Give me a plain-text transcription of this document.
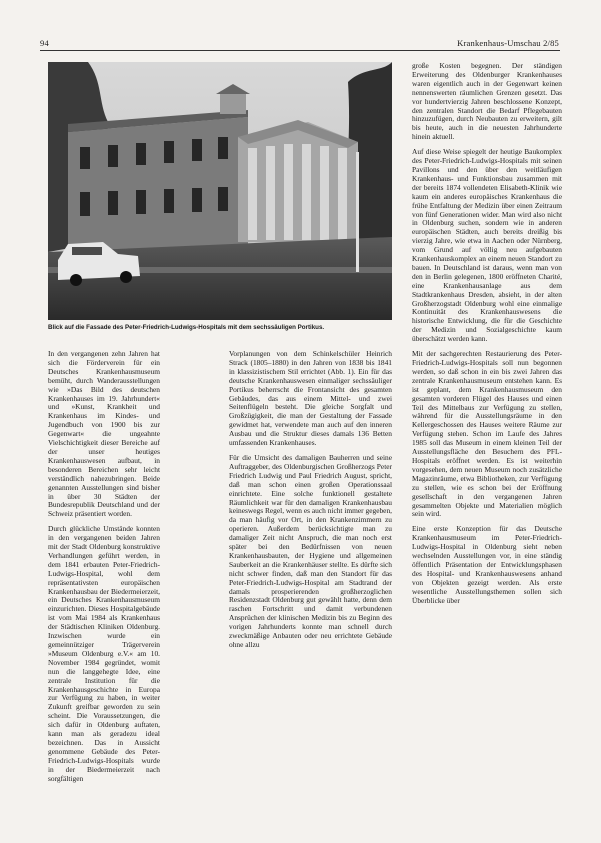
94	Krankenhaus-Umschau 2/85
Blick auf die Fassade des Peter-Friedrich-Ludwigs-Hospitals mit dem sechssäuligen Portikus.

In den vergangenen zehn Jahren hat sich die Förderverein für ein Deutsches Krankenhausmuseum bemüht, durch Wanderausstellungen wie »Das Bild des deutschen Krankenhauses im 19. Jahrhundert« und »Kunst, Krankheit und Krankenhaus im Kindes- und Jugendbuch von 1900 bis zur Gegenwart« die ungeahnte Vielschichtigkeit dieser Bereiche auf der unser heutiges Krankenhauswesen aufbaut, in besonderen Bereichen sehr leicht verständlich nahezubringen. Beide genannten Ausstellungen sind bisher in über 30 Städten der Bundesrepublik Deutschland und der Schweiz präsentiert worden.

Durch glückliche Umstände konnten in den vergangenen beiden Jahren mit der Stadt Oldenburg konstruktive Verhandlungen geführt werden, in dem 1841 erbauten Peter-Friedrich-Ludwigs-Hospital, wohl dem repräsentativsten europäischen Krankenhausbau der Biedermeierzeit, ein Deutsches Krankenhausmuseum einzurichten. Dieses Hospitalgebäude ist vom Mai 1984 als Krankenhaus der Städtischen Kliniken Oldenburg. Inzwischen wurde ein gemeinnütziger Trägerverein »Museum Oldenburg e.V.« am 10. November 1984 gegründet, womit nun die langgehegte Idee, eine zentrale Institution für die Krankenhausgeschichte in Europa zur Verfügung zu haben, in weiter Zukunft greifbar geworden zu sein scheint. Die Voraussetzungen, die sich dafür in Oldenburg auftaten, kann man als geradezu ideal bezeichnen. Das in Aussicht genommene Gebäude des Peter-Friedrich-Ludwigs-Hospitals wurde in der Biedermeierzeit nach sorgfältigen

Vorplanungen von dem Schinkelschüler Heinrich Strack (1805–1880) in den Jahren von 1838 bis 1841 in klassizistischem Stil errichtet (Abb. 1). Ein für das deutsche Krankenhauswesen einmaliger sechssäuliger Portikus beherrscht die Frontansicht des gesamten Gebäudes, das aus einem Mittel- und zwei Seitenflügeln besteht. Die gleiche Sorgfalt und Großzügigkeit, die man der Gestaltung der Fassade gewidmet hat, verwendete man auch auf den inneren Ausbau und die Struktur dieses damals 136 Betten umfassenden Krankenhauses.

Für die Umsicht des damaligen Bauherren und seine Auftraggeber, des Oldenburgischen Großherzogs Peter Friedrich Ludwig und Paul Friedrich August, spricht, daß man schon einen großen Operationssaal einrichtete. Eine solche funktionell gestaltete Räumlichkeit war für den damaligen Krankenhausbau keineswegs Regel, wenn es auch nicht immer gegeben, da man häufig vor Ort, in den Krankenzimmern zu operieren. Außerdem berücksichtigte man zu damaliger Zeit nicht Anspruch, die man noch erst später bei den Bedürfnissen von neuen Krankenhausbauten, der Hygiene und allgemeinen Sauberkeit an die Krankenhäuser stellte. Es dürfte sich nicht schwer finden, daß man den Standort für das Peter-Friedrich-Ludwigs-Hospital am Stadtrand der damals prosperierenden großherzoglichen Residenzstadt Oldenburg gut gewählt hatte, denn dem raschen Fortschritt und damit verbundenen Ansprüchen der klinischen Medizin bis zu Beginn des vorigen Jahrhunderts konnte man schnell durch zweckmäßige Anbauten oder neu errichtete Gebäude ohne allzu

große Kosten begegnen. Der ständigen Erweiterung des Oldenburger Krankenhauses waren eigentlich auch in der Gegenwart keinen nennenswerten räumlichen Grenzen gesetzt. Das vor hundertvierzig Jahren beschlossene Konzept, den zentralen Standort die Bedarf Pflegebauten hinzuzufügen, durch Neubauten zu erweitern, gilt bis heute, auch in die neuesten Jahrhunderte hinein aktuell.

Auf diese Weise spiegelt der heutige Baukomplex des Peter-Friedrich-Ludwigs-Hospitals mit seinen Pavillons und den über den weitläufigen Krankenhaus- und Funktionsbau zusammen mit der bereits 1874 vollendeten Elisabeth-Klinik wie kaum ein anderes europäisches Krankenhaus die frühe Entfaltung der Medizin über einen Zeitraum von fünf Generationen wider. Man wird also nicht in Oldenburg suchen, sondern wie in anderen europäischen Städten, auch bereits dreißig bis vierzig Jahre, wie etwa in Aachen oder Nürnberg, vom Grund auf völlig neu aufgebauten Krankenhauskomplex an einem neuen Standort zu bauen. In Deutschland ist daraus, wenn man von den in Berlin gelegenen, 1800 eröffneten Charité, eine Krankenhausanlage aus dem Stadtkrankenhaus Dresden, absieht, in der alten Großherzogstadt Oldenburg wohl eine einmalige Kontinuität des Krankenhauswesens die historische Entwicklung, die für die Geschichte der Medizin und Sozialgeschichte kaum überschätzt werden kann.

Mit der sachgerechten Restaurierung des Peter-Friedrich-Ludwigs-Hospitals soll nun begonnen werden, so daß schon in ein bis zwei Jahren das zentrale Krankenhausmuseum entstehen kann. Es ist geplant, dem Krankenhausmuseum den gesamten vorderen Flügel des Hauses und einen Teil des Mittelbaus zur Verfügung zu stellen, während für die Ausstellungsräume in den Kellergeschossen des Hauses weitere Räume zur Verfügung stehen. Schon im Laufe des Jahres 1985 soll das Museum in einem kleinen Teil der Ausstellungsfläche den Besuchern des PFL-Hospitals eröffnet werden. Es ist weiterhin vorgesehen, dem neuen Museum noch zusätzliche Magazinräume, etwa Bibliotheken, zur Verfügung zu stellen, wie es schon bei der Eröffnung gesellschaft in den vergangenen Jahren gesammelten Objekte und Materialien möglich sein wird.

Eine erste Konzeption für das Deutsche Krankenhausmuseum im Peter-Friedrich-Ludwigs-Hospital in Oldenburg sieht neben wechselnden Ausstellungen vor, in eine ständig öffentlich Präsentation der Entwicklungsphasen des Hospital- und Krankenhauswesens anhand von Objekten gezeigt werden. Als erste wesentliche Ausstellungsthemen sollen sich Überblicke über
